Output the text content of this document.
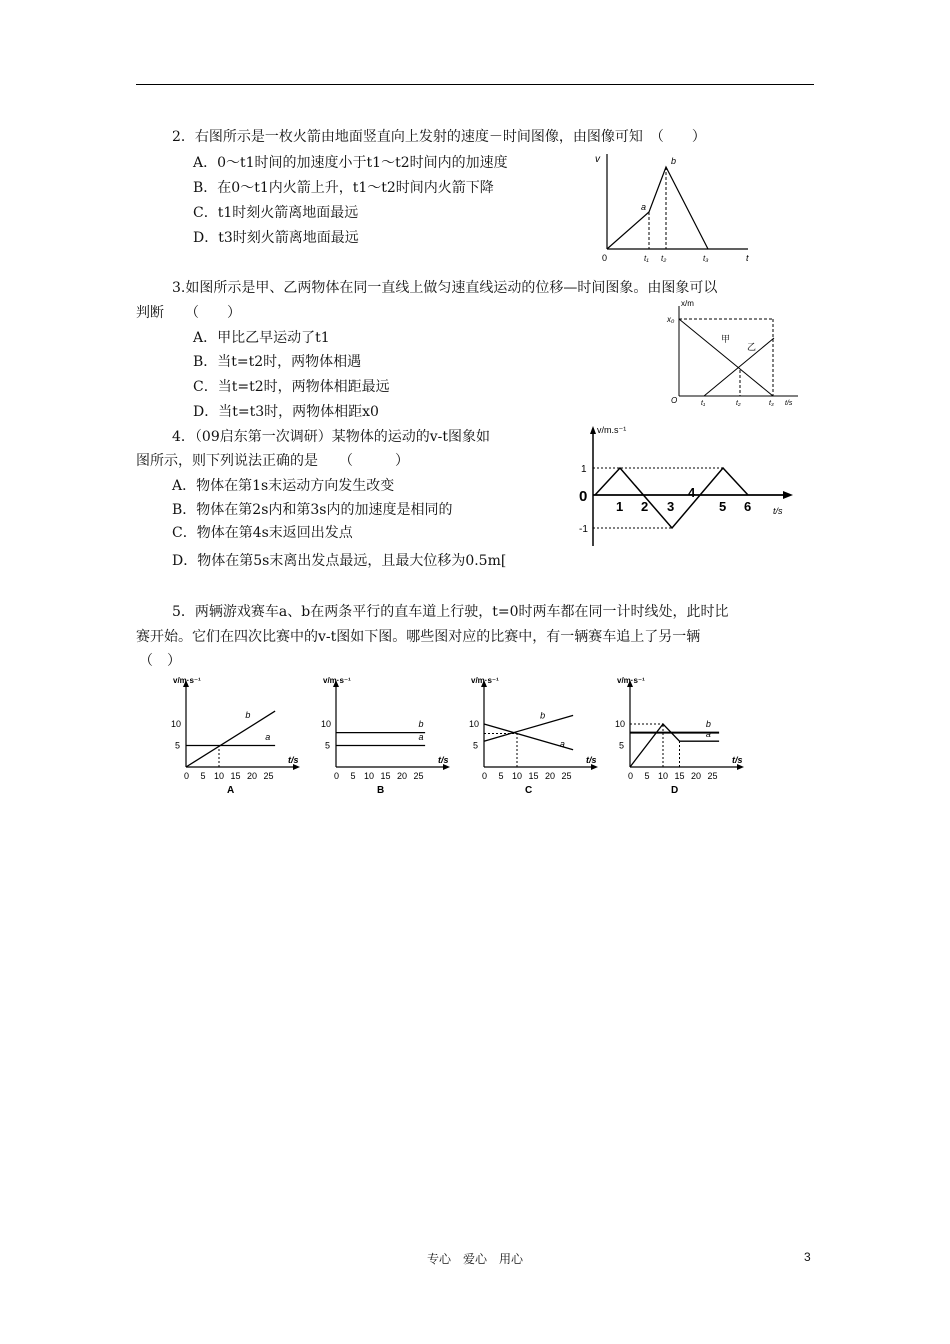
2．右图所示是一枚火箭由地面竖直向上发射的速度－时间图像，由图像可知　（　　）
A．0～t1时间的加速度小于t1～t2时间内的加速度
B．在0～t1内火箭上升，t1～t2时间内火箭下降
C．t1时刻火箭离地面最远
D．t3时刻火箭离地面最远
v
0	t
a
b
t₁ t₂	t₃
3.如图所示是甲、乙两物体在同一直线上做匀速直线运动的位移—时间图象。由图象可以
判断　　（　　）
A．甲比乙早运动了t1
B．当t=t2时，两物体相遇
C．当t=t2时，两物体相距最远
D．当t=t3时，两物体相距x0
x/m
x₀
O
甲
乙
t₁	t₂	t₃ t/s
4．（09启东第一次调研）某物体的运动的v-t图象如
图所示，则下列说法正确的是　　（　　　）
A．物体在第1s末运动方向发生改变
B．物体在第2s内和第3s内的加速度是相同的
C．物体在第4s末返回出发点
D．物体在第5s末离出发点最远，且最大位移为0.5m[
v/m.s⁻¹
1
-1
0
1 2 3
4
5 6 t/s
5．两辆游戏赛车a、b在两条平行的直车道上行驶，t=0时两车都在同一计时线处，此时比
赛开始。它们在四次比赛中的v-t图如下图。哪些图对应的比赛中，有一辆赛车追上了另一辆
（　）
v/m·s⁻¹
10
5
0 5 10 15 20 25
t/s
a
b
A
v/m·s⁻¹
10
5
0 5 10 15 20 25
t/s
a
b
B
v/m·s⁻¹
10
5
0 5 10 15 20 25
t/s
a
b
C
v/m·s⁻¹
10
5
0 5 10 15 20 25
t/s
a
b
D
专心　爱心　用心	3
